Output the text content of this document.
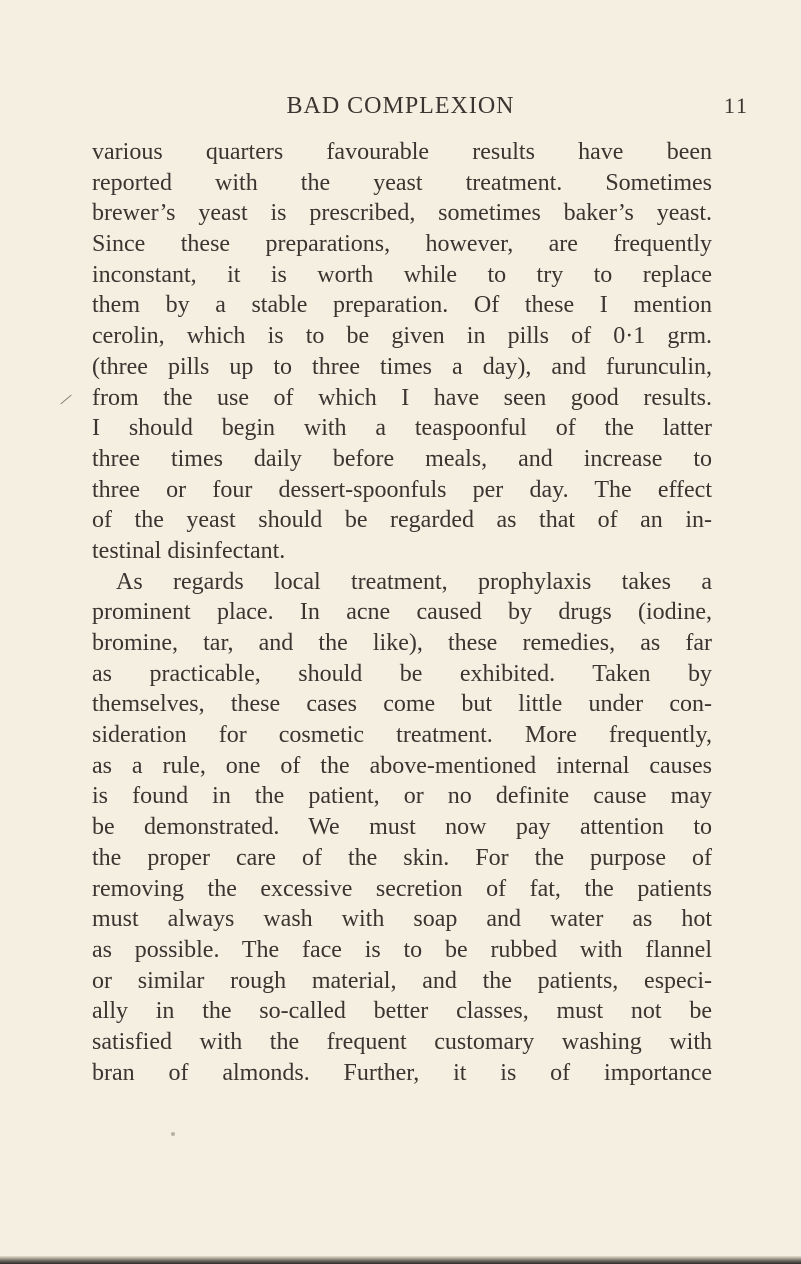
BAD COMPLEXION	11
various quarters favourable results have been
reported with the yeast treatment. Sometimes
brewer’s yeast is prescribed, sometimes baker’s yeast.
Since these preparations, however, are frequently
inconstant, it is worth while to try to replace
them by a stable preparation. Of these I mention
cerolin, which is to be given in pills of 0·1 grm.
(three pills up to three times a day), and furunculin,
from the use of which I have seen good results.
I should begin with a teaspoonful of the latter
three times daily before meals, and increase to
three or four dessert-spoonfuls per day. The effect
of the yeast should be regarded as that of an in-
testinal disinfectant.
As regards local treatment, prophylaxis takes a
prominent place. In acne caused by drugs (iodine,
bromine, tar, and the like), these remedies, as far
as practicable, should be exhibited. Taken by
themselves, these cases come but little under con-
sideration for cosmetic treatment. More frequently,
as a rule, one of the above-mentioned internal causes
is found in the patient, or no definite cause may
be demonstrated. We must now pay attention to
the proper care of the skin. For the purpose of
removing the excessive secretion of fat, the patients
must always wash with soap and water as hot
as possible. The face is to be rubbed with flannel
or similar rough material, and the patients, especi-
ally in the so-called better classes, must not be
satisfied with the frequent customary washing with
bran of almonds. Further, it is of importance
